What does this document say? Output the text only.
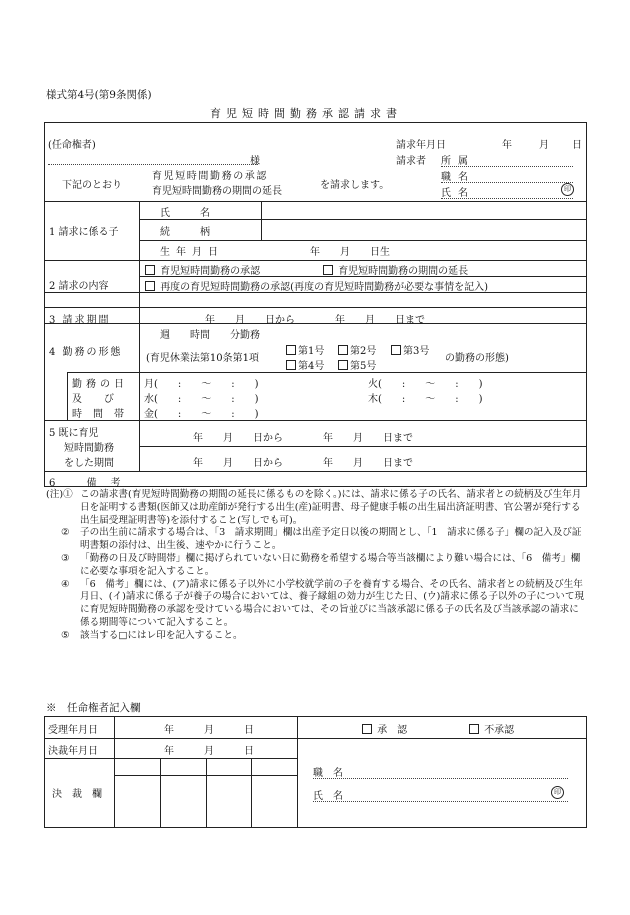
様式第4号(第9条関係)
育児短時間勤務承認請求書
(任命権者)
様
請求年月日	年	月 日
請求者 所属
職名
氏名	印
下記のとおり
育児短時間勤務の承認
育児短時間勤務の期間の延長
を請求します。
1 請求に係る子
氏名
続柄
生年月日	年　　月　　日生
2 請求の内容
育児短時間勤務の承認	育児短時間勤務の期間の延長
再度の育児短時間勤務の承認(再度の育児短時間勤務が必要な事情を記入)
3 請求期間	年　　月　　日から　　　　年　　月　　日まで
4 勤務の形態
週　　時間　　分勤務
(育児休業法第10条第1項
第1号	第2号	第3号
第4号	第5号
の勤務の形態)
勤務の日
及び
時間帯
月(　　:　　〜　　:　　)	火(　　:　　〜　　:　　)
水(　　:　　〜　　:　　)	木(　　:　　〜　　:　　)
金(　　:　　〜　　:　　)
5 既に育児
短時間勤務
をした期間
年　　月　　日から　　　　年　　月　　日まで
年　　月　　日から　　　　年　　月　　日まで
6 備考

(注)① この請求書(育児短時間勤務の期間の延長に係るものを除く。)には、請求に係る子の氏名、請求者との続柄及び生年月日を証明する書類(医師又は助産師が発行する出生(産)証明書、母子健康手帳の出生届出済証明書、官公署が発行する出生届受理証明書等)を添付すること(写しでも可)。

② 子の出生前に請求する場合は、「3　請求期間」欄は出産予定日以後の期間とし、「1　請求に係る子」欄の記入及び証明書類の添付は、出生後、速やかに行うこと。

③ 「勤務の日及び時間帯」欄に掲げられていない日に勤務を希望する場合等当該欄により難い場合には、「6　備考」欄に必要な事項を記入すること。

④ 「6　備考」欄には、(ア)請求に係る子以外に小学校就学前の子を養育する場合、その氏名、請求者との続柄及び生年月日、(イ)請求に係る子が養子の場合においては、養子縁組の効力が生じた日、(ウ)請求に係る子以外の子について現に育児短時間勤務の承認を受けている場合においては、その旨並びに当該承認に係る子の氏名及び当該承認の請求に係る期間等について記入すること。

⑤ 該当する□にはレ印を記入すること。

※　任命権者記入欄
受理年月日	年　　　月　　　日
決裁年月日	年　　　月　　　日
決　裁　欄
承　認	不承認
職　名
氏　名	印
